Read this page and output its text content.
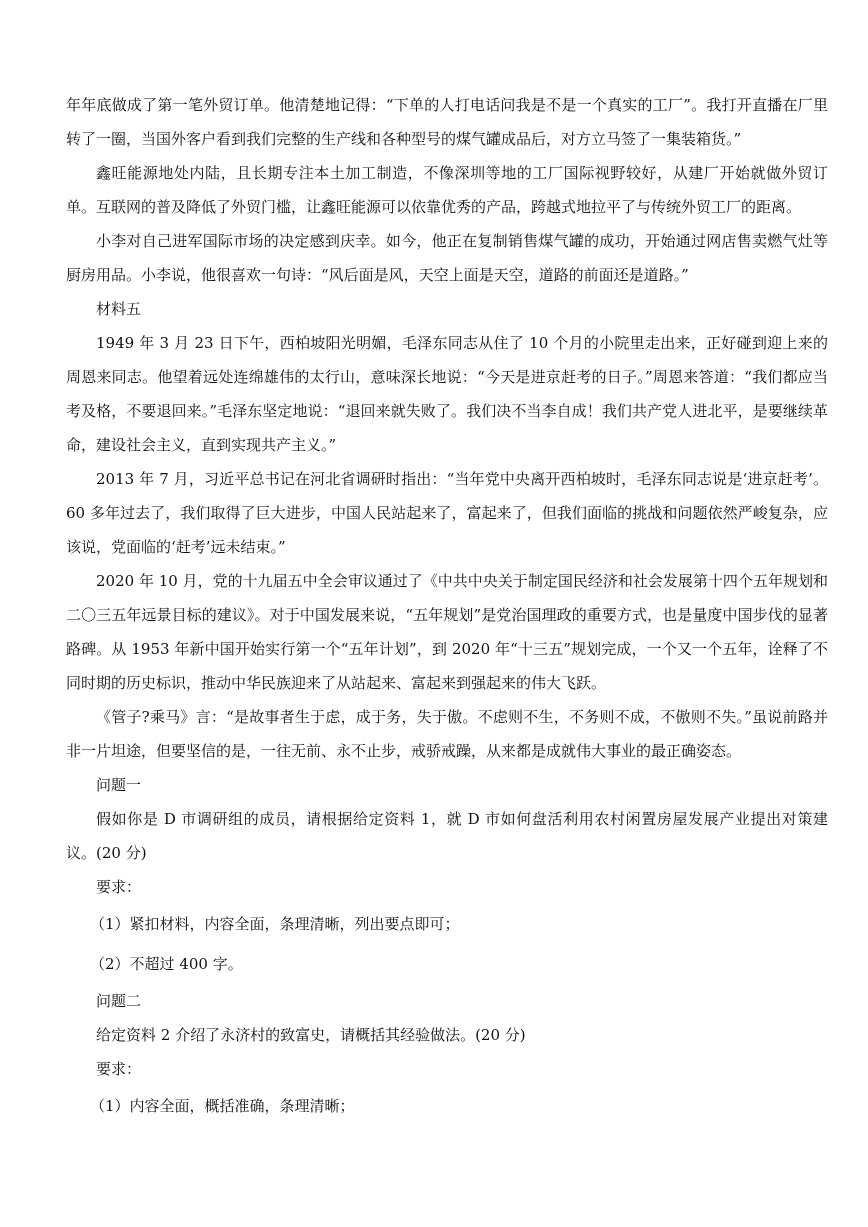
年年底做成了第一笔外贸订单。他清楚地记得：“下单的人打电话问我是不是一个真实的工厂”。我打开直播在厂里转了一圈，当国外客户看到我们完整的生产线和各种型号的煤气罐成品后，对方立马签了一集装箱货。”

鑫旺能源地处内陆，且长期专注本土加工制造，不像深圳等地的工厂国际视野较好，从建厂开始就做外贸订单。互联网的普及降低了外贸门槛，让鑫旺能源可以依靠优秀的产品，跨越式地拉平了与传统外贸工厂的距离。

小李对自己进军国际市场的决定感到庆幸。如今，他正在复制销售煤气罐的成功，开始通过网店售卖燃气灶等厨房用品。小李说，他很喜欢一句诗：“风后面是风，天空上面是天空，道路的前面还是道路。”

材料五

1949 年 3 月 23 日下午，西柏坡阳光明媚，毛泽东同志从住了 10 个月的小院里走出来，正好碰到迎上来的周恩来同志。他望着远处连绵雄伟的太行山，意味深长地说：“今天是进京赶考的日子。”周恩来答道：“我们都应当考及格，不要退回来。”毛泽东坚定地说：“退回来就失败了。我们决不当李自成！我们共产党人进北平，是要继续革命，建设社会主义，直到实现共产主义。”

2013 年 7 月，习近平总书记在河北省调研时指出：“当年党中央离开西柏坡时，毛泽东同志说是‘进京赶考’。60 多年过去了，我们取得了巨大进步，中国人民站起来了，富起来了，但我们面临的挑战和问题依然严峻复杂，应该说，党面临的‘赶考’远未结束。”

2020 年 10 月，党的十九届五中全会审议通过了《中共中央关于制定国民经济和社会发展第十四个五年规划和二〇三五年远景目标的建议》。对于中国发展来说，“五年规划”是党治国理政的重要方式，也是量度中国步伐的显著路碑。从 1953 年新中国开始实行第一个“五年计划”，到 2020 年“十三五”规划完成，一个又一个五年，诠释了不同时期的历史标识，推动中华民族迎来了从站起来、富起来到强起来的伟大飞跃。

《管子?乘马》言：“是故事者生于虑，成于务，失于傲。不虑则不生，不务则不成，不傲则不失。”虽说前路并非一片坦途，但要坚信的是，一往无前、永不止步，戒骄戒躁，从来都是成就伟大事业的最正确姿态。

问题一

假如你是 D 市调研组的成员，请根据给定资料 1，就 D 市如何盘活利用农村闲置房屋发展产业提出对策建议。(20 分)

要求：

（1）紧扣材料，内容全面，条理清晰，列出要点即可；

（2）不超过 400 字。

问题二

给定资料 2 介绍了永济村的致富史，请概括其经验做法。(20 分)

要求：

（1）内容全面，概括准确，条理清晰；
